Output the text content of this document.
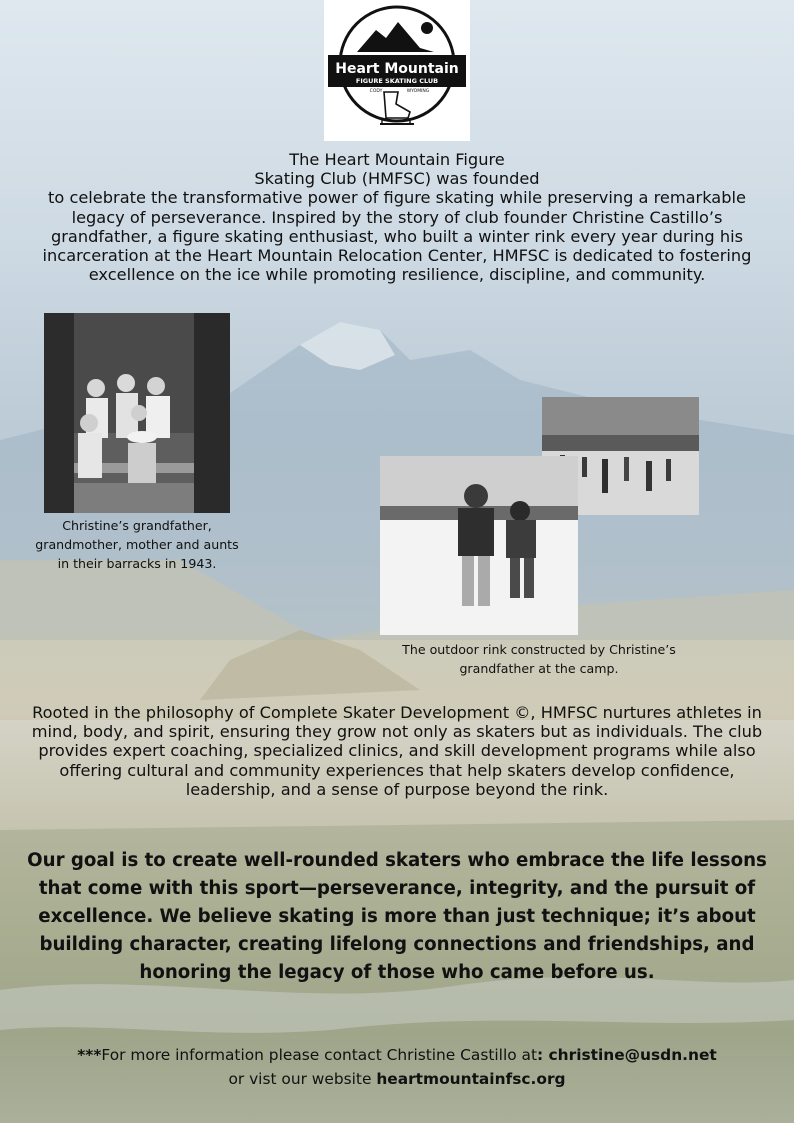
Heart Mountain
FIGURE SKATING CLUB
CODY	WYOMING

The Heart Mountain Figure
Skating Club (HMFSC) was founded
to celebrate the transformative power of figure skating while preserving a remarkable legacy of perseverance. Inspired by the story of club founder Christine Castillo’s grandfather, a figure skating enthusiast, who built a winter rink every year during his incarceration at the Heart Mountain Relocation Center, HMFSC is dedicated to fostering excellence on the ice while promoting resilience, discipline, and community.

Christine’s grandfather, grandmother, mother and aunts in their barracks in 1943.

The outdoor rink constructed by Christine’s grandfather at the camp.

Rooted in the philosophy of Complete Skater Development ©, HMFSC nurtures athletes in mind, body, and spirit, ensuring they grow not only as skaters but as individuals. The club provides expert coaching, specialized clinics, and skill development programs while also offering cultural and community experiences that help skaters develop confidence, leadership, and a sense of purpose beyond the rink.

Our goal is to create well-rounded skaters who embrace the life lessons that come with this sport—perseverance, integrity, and the pursuit of excellence. We believe skating is more than just technique; it’s about building character, creating lifelong connections and friendships, and honoring the legacy of those who came before us.

***For more information please contact Christine Castillo at: christine@usdn.net
or vist our website heartmountainfsc.org
